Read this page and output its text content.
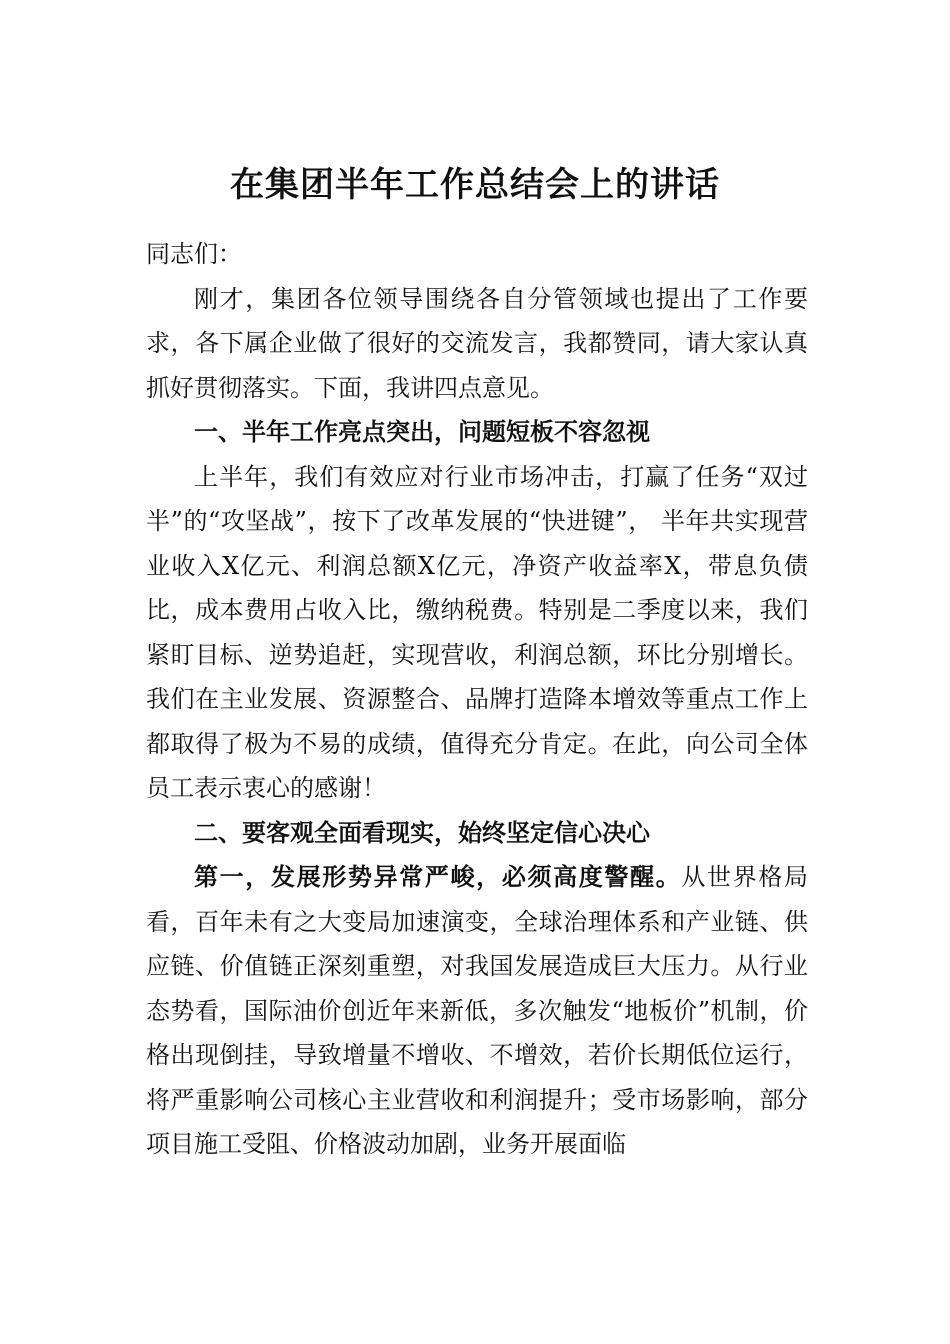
在集团半年工作总结会上的讲话

同志们：

刚才，集团各位领导围绕各自分管领域也提出了工作要求，各下属企业做了很好的交流发言，我都赞同，请大家认真抓好贯彻落实。下面，我讲四点意见。

一、半年工作亮点突出，问题短板不容忽视

上半年，我们有效应对行业市场冲击，打赢了任务“双过半”的“攻坚战”，按下了改革发展的“快进键”， 半年共实现营业收入X亿元、利润总额X亿元，净资产收益率X，带息负债比，成本费用占收入比，缴纳税费。特别是二季度以来，我们紧盯目标、逆势追赶，实现营收，利润总额，环比分别增长。我们在主业发展、资源整合、品牌打造降本增效等重点工作上都取得了极为不易的成绩，值得充分肯定。在此，向公司全体员工表示衷心的感谢！

二、要客观全面看现实，始终坚定信心决心

第一，发展形势异常严峻，必须高度警醒。从世界格局看，百年未有之大变局加速演变，全球治理体系和产业链、供应链、价值链正深刻重塑，对我国发展造成巨大压力。从行业态势看，国际油价创近年来新低，多次触发“地板价”机制，价格出现倒挂，导致增量不增收、不增效，若价长期低位运行，将严重影响公司核心主业营收和利润提升；受市场影响，部分项目施工受阻、价格波动加剧，业务开展面临
